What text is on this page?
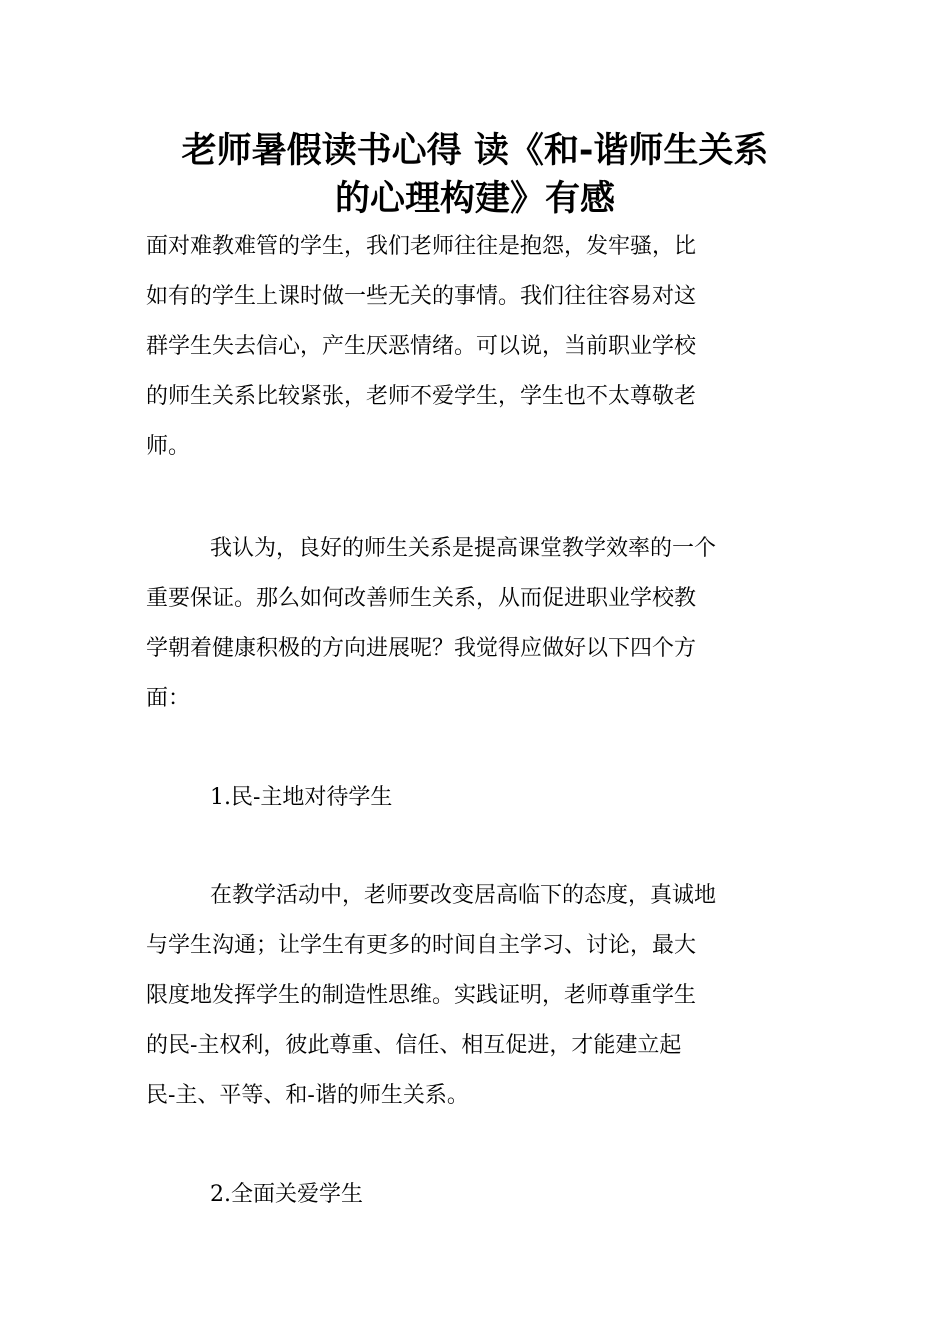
老师暑假读书心得 读《和-谐师生关系
的心理构建》有感
面对难教难管的学生，我们老师往往是抱怨，发牢骚，比
如有的学生上课时做一些无关的事情。我们往往容易对这
群学生失去信心，产生厌恶情绪。可以说，当前职业学校
的师生关系比较紧张，老师不爱学生，学生也不太尊敬老
师。
我认为，良好的师生关系是提高课堂教学效率的一个
重要保证。那么如何改善师生关系，从而促进职业学校教
学朝着健康积极的方向进展呢？我觉得应做好以下四个方
面：
1.民-主地对待学生
在教学活动中，老师要改变居高临下的态度，真诚地
与学生沟通；让学生有更多的时间自主学习、讨论，最大
限度地发挥学生的制造性思维。实践证明，老师尊重学生
的民-主权利，彼此尊重、信任、相互促进，才能建立起
民-主、平等、和-谐的师生关系。
2.全面关爱学生
